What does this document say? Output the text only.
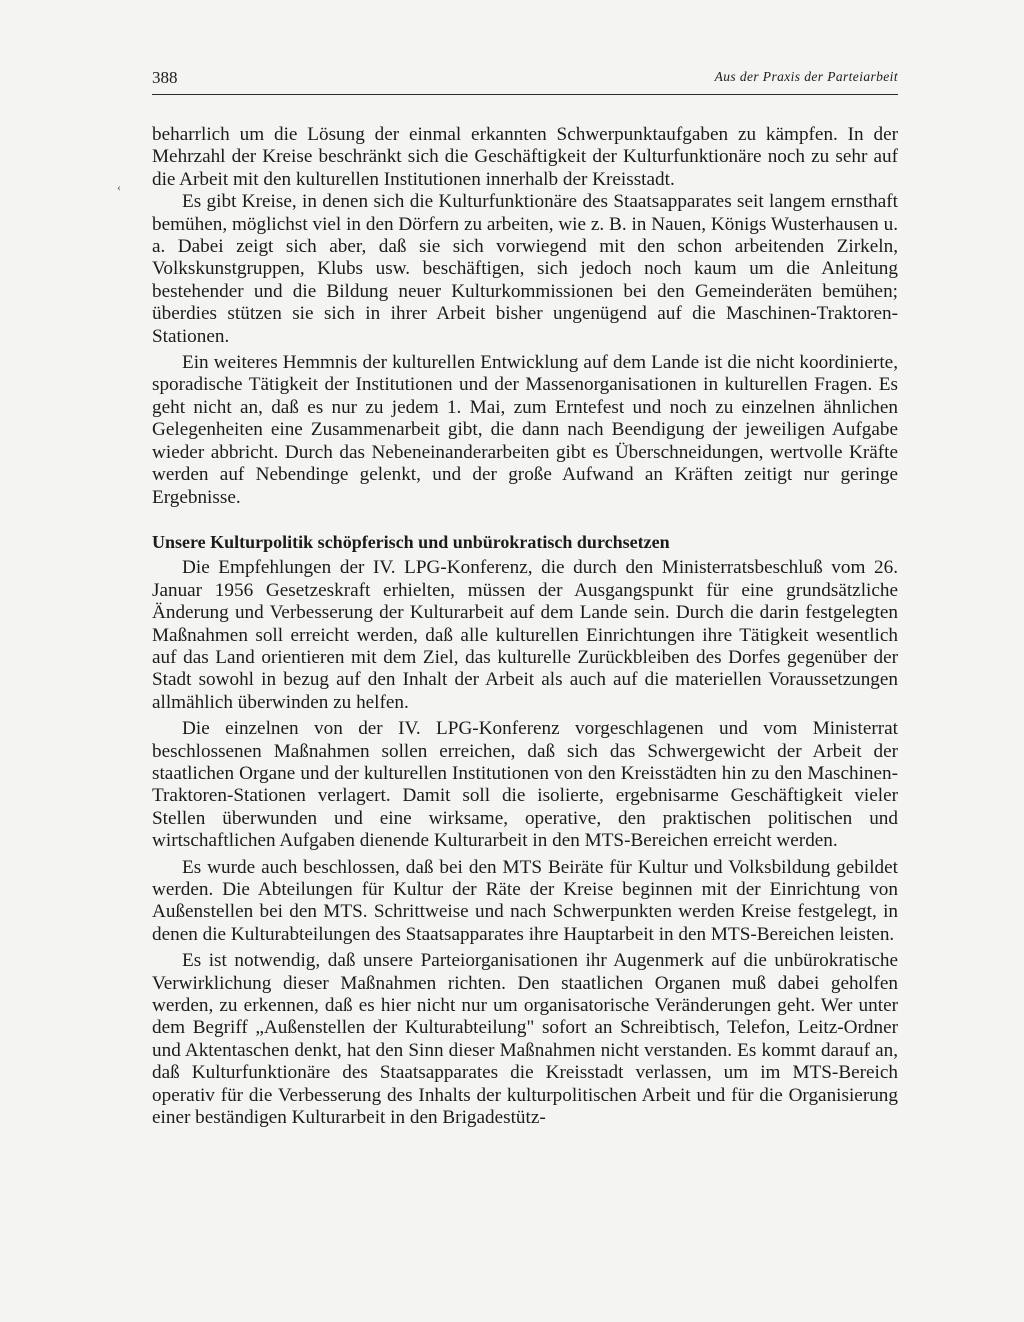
388	Aus der Praxis der Parteiarbeit
‹

beharrlich um die Lösung der einmal erkannten Schwerpunktaufgaben zu kämpfen. In der Mehrzahl der Kreise beschränkt sich die Geschäftigkeit der Kulturfunktionäre noch zu sehr auf die Arbeit mit den kulturellen Institutionen innerhalb der Kreisstadt.

Es gibt Kreise, in denen sich die Kulturfunktionäre des Staatsapparates seit langem ernsthaft bemühen, möglichst viel in den Dörfern zu arbeiten, wie z. B. in Nauen, Königs Wusterhausen u. a. Dabei zeigt sich aber, daß sie sich vorwiegend mit den schon arbeitenden Zirkeln, Volkskunstgruppen, Klubs usw. beschäftigen, sich jedoch noch kaum um die Anleitung bestehender und die Bildung neuer Kulturkommissionen bei den Gemeinderäten bemühen; überdies stützen sie sich in ihrer Arbeit bisher ungenügend auf die Maschinen-Traktoren-Stationen.

Ein weiteres Hemmnis der kulturellen Entwicklung auf dem Lande ist die nicht koordinierte, sporadische Tätigkeit der Institutionen und der Massenorganisationen in kulturellen Fragen. Es geht nicht an, daß es nur zu jedem 1. Mai, zum Erntefest und noch zu einzelnen ähnlichen Gelegenheiten eine Zusammenarbeit gibt, die dann nach Beendigung der jeweiligen Aufgabe wieder abbricht. Durch das Nebeneinanderarbeiten gibt es Überschneidungen, wertvolle Kräfte werden auf Nebendinge gelenkt, und der große Aufwand an Kräften zeitigt nur geringe Ergebnisse.

Unsere Kulturpolitik schöpferisch und unbürokratisch durchsetzen

Die Empfehlungen der IV. LPG-Konferenz, die durch den Ministerratsbeschluß vom 26. Januar 1956 Gesetzeskraft erhielten, müssen der Ausgangspunkt für eine grundsätzliche Änderung und Verbesserung der Kulturarbeit auf dem Lande sein. Durch die darin festgelegten Maßnahmen soll erreicht werden, daß alle kulturellen Einrichtungen ihre Tätigkeit wesentlich auf das Land orientieren mit dem Ziel, das kulturelle Zurückbleiben des Dorfes gegenüber der Stadt sowohl in bezug auf den Inhalt der Arbeit als auch auf die materiellen Voraussetzungen allmählich überwinden zu helfen.

Die einzelnen von der IV. LPG-Konferenz vorgeschlagenen und vom Ministerrat beschlossenen Maßnahmen sollen erreichen, daß sich das Schwergewicht der Arbeit der staatlichen Organe und der kulturellen Institutionen von den Kreisstädten hin zu den Maschinen-Traktoren-Stationen verlagert. Damit soll die isolierte, ergebnisarme Geschäftigkeit vieler Stellen überwunden und eine wirksame, operative, den praktischen politischen und wirtschaftlichen Aufgaben dienende Kulturarbeit in den MTS-Bereichen erreicht werden.

Es wurde auch beschlossen, daß bei den MTS Beiräte für Kultur und Volksbildung gebildet werden. Die Abteilungen für Kultur der Räte der Kreise beginnen mit der Einrichtung von Außenstellen bei den MTS. Schrittweise und nach Schwerpunkten werden Kreise festgelegt, in denen die Kulturabteilungen des Staatsapparates ihre Hauptarbeit in den MTS-Bereichen leisten.

Es ist notwendig, daß unsere Parteiorganisationen ihr Augenmerk auf die unbürokratische Verwirklichung dieser Maßnahmen richten. Den staatlichen Organen muß dabei geholfen werden, zu erkennen, daß es hier nicht nur um organisatorische Veränderungen geht. Wer unter dem Begriff „Außenstellen der Kulturabteilung" sofort an Schreibtisch, Telefon, Leitz-Ordner und Aktentaschen denkt, hat den Sinn dieser Maßnahmen nicht verstanden. Es kommt darauf an, daß Kulturfunktionäre des Staatsapparates die Kreisstadt verlassen, um im MTS-Bereich operativ für die Verbesserung des Inhalts der kulturpolitischen Arbeit und für die Organisierung einer beständigen Kulturarbeit in den Brigadestütz-
